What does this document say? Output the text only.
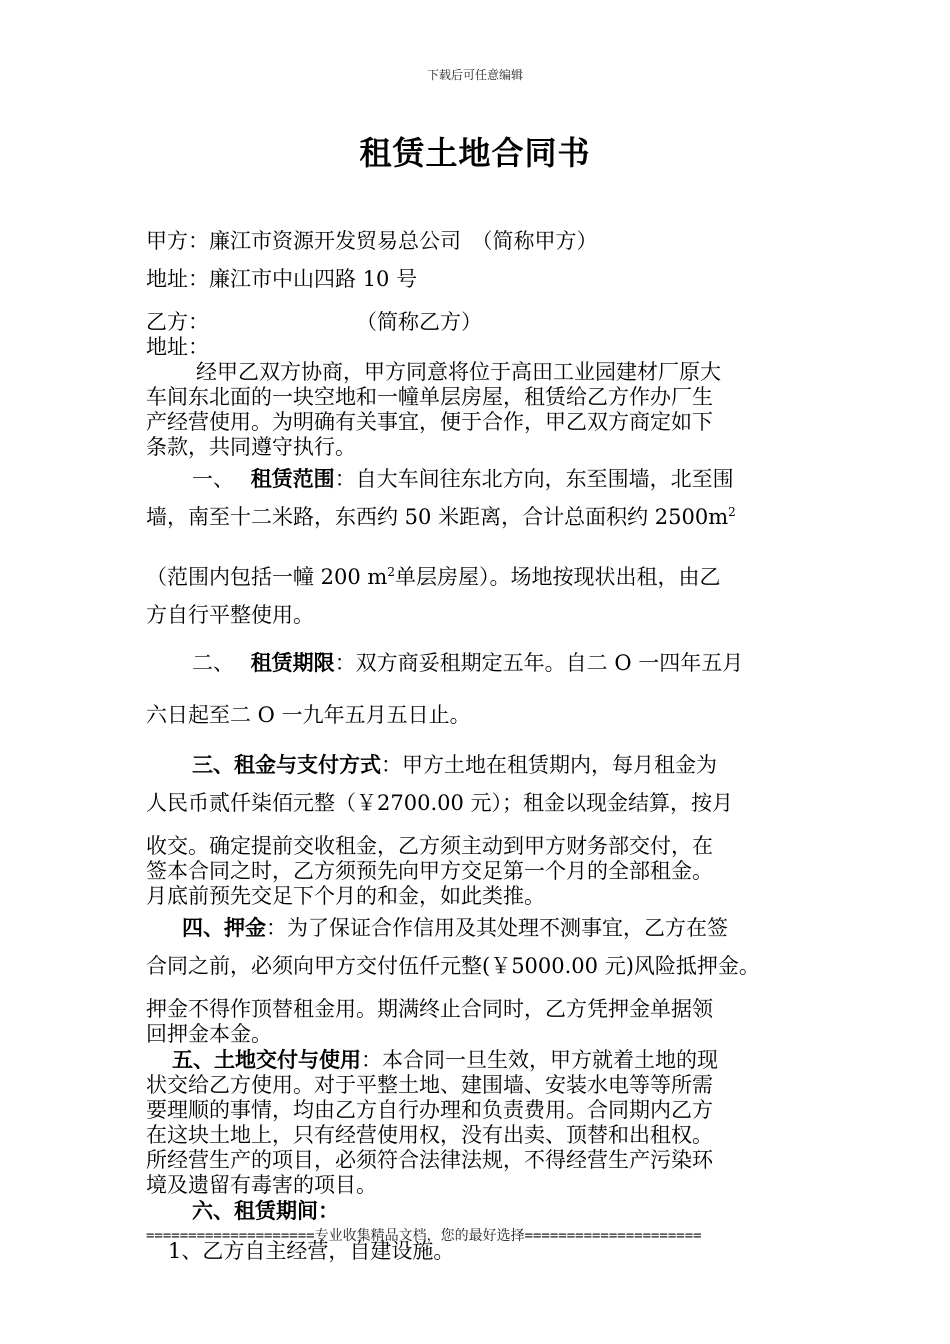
下载后可任意编辑
租赁土地合同书
甲方：廉江市资源开发贸易总公司　（简称甲方）
地址：廉江市中山四路 10 号
乙方：　　　　　　　　（简称乙方）
地址：
经甲乙双方协商，甲方同意将位于高田工业园建材厂原大
车间东北面的一块空地和一幢单层房屋，租赁给乙方作办厂生
产经营使用。为明确有关事宜，便于合作，甲乙双方商定如下
条款，共同遵守执行。
一、 租赁范围：自大车间往东北方向，东至围墙，北至围
墙，南至十二米路，东西约 50 米距离，合计总面积约 $2500m^2$
（范围内包括一幢 200 $m^2$单层房屋）。场地按现状出租，由乙
方自行平整使用。
二、 租赁期限：双方商妥租期定五年。自二 O 一四年五月
六日起至二 O 一九年五月五日止。
三、租金与支付方式：甲方土地在租赁期内，每月租金为
人民币贰仟柒佰元整（￥2700.00 元）；租金以现金结算，按月
收交。确定提前交收租金，乙方须主动到甲方财务部交付，在
签本合同之时，乙方须预先向甲方交足第一个月的全部租金。
月底前预先交足下个月的和金，如此类推。
四、押金：为了保证合作信用及其处理不测事宜，乙方在签
合同之前，必须向甲方交付伍仟元整(￥5000.00 元)风险抵押金。
押金不得作顶替租金用。期满终止合同时，乙方凭押金单据领
回押金本金。
五、土地交付与使用：本合同一旦生效，甲方就着土地的现
状交给乙方使用。对于平整土地、建围墙、安装水电等等所需
要理顺的事情，均由乙方自行办理和负责费用。合同期内乙方
在这块土地上，只有经营使用权，没有出卖、顶替和出租权。
所经营生产的项目，必须符合法律法规，不得经营生产污染环
境及遗留有毒害的项目。
六、租赁期间：
1、乙方自主经营，自建设施。
====================专业收集精品文档，您的最好选择=====================
